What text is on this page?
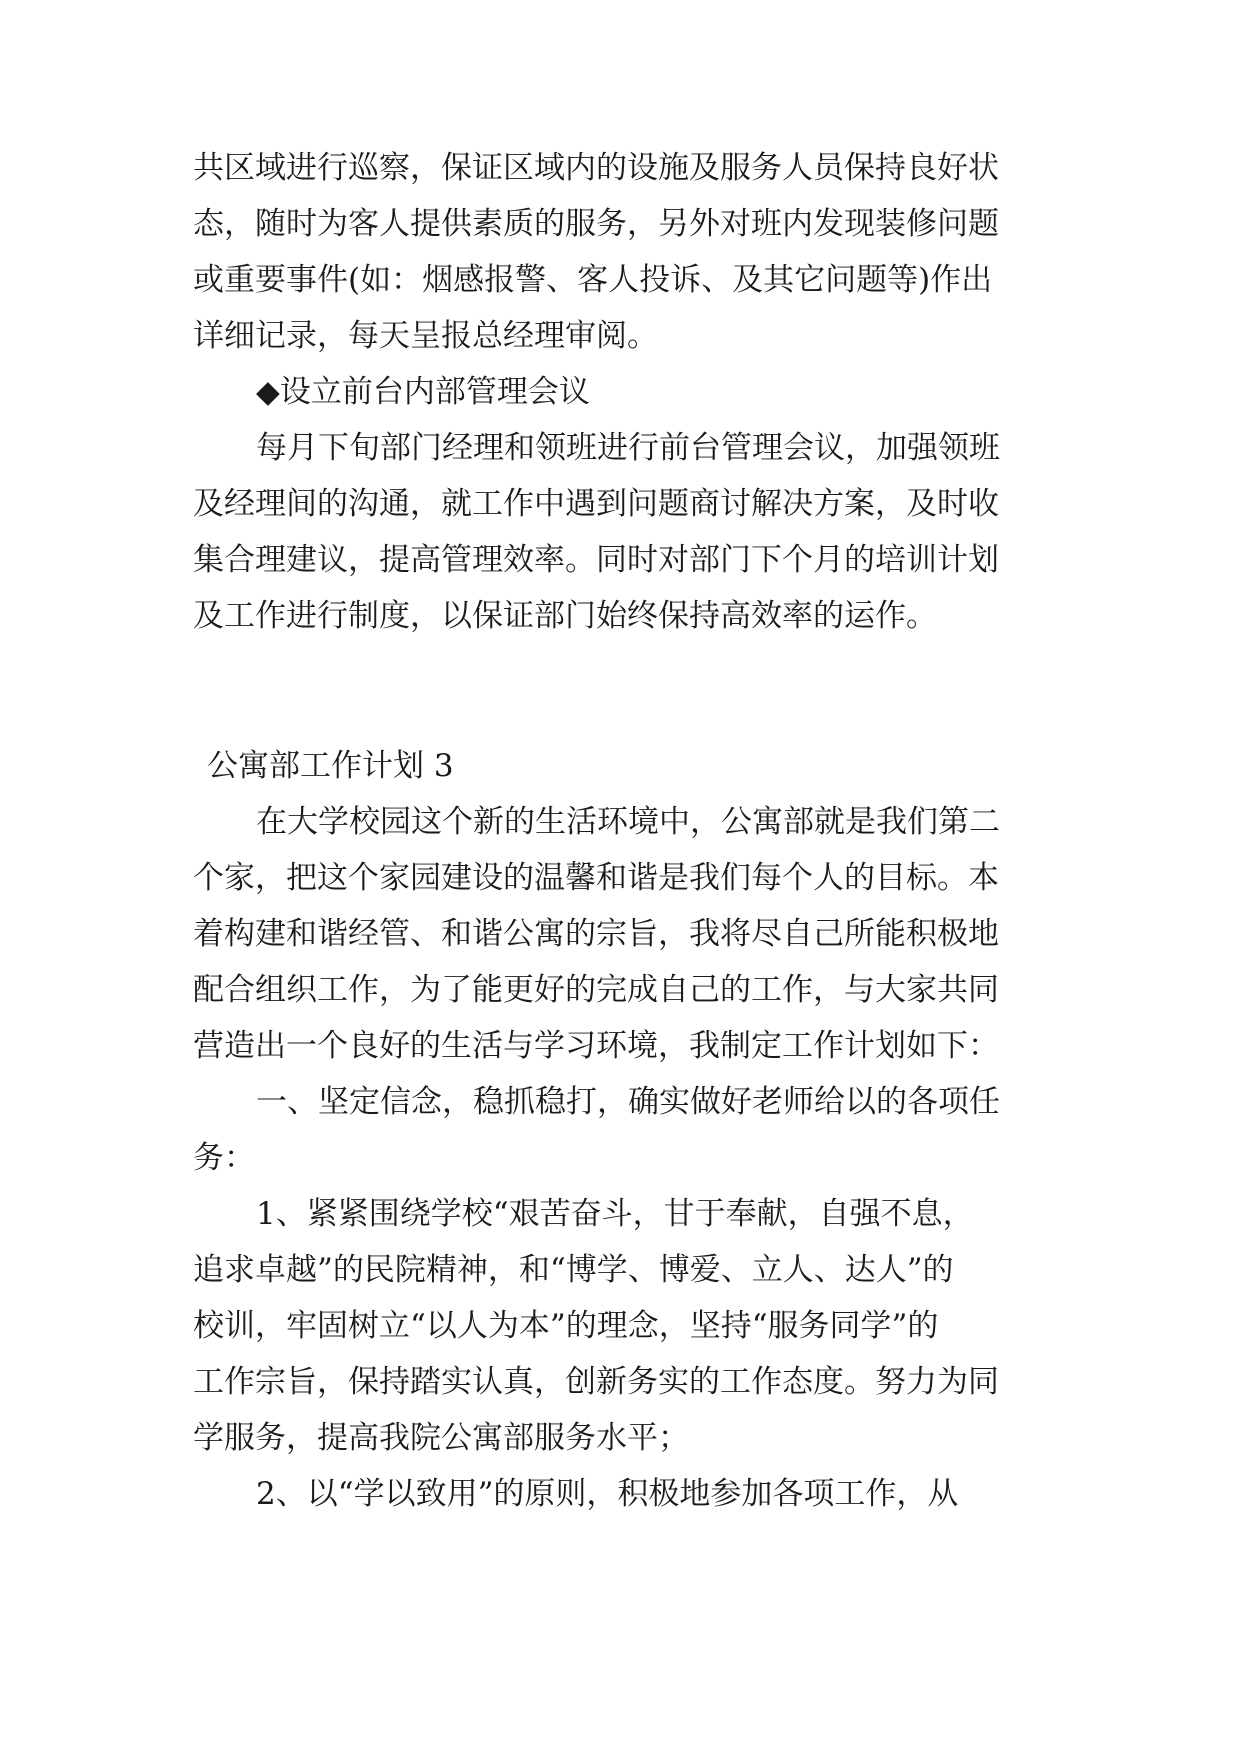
共区域进行巡察，保证区域内的设施及服务人员保持良好状

态，随时为客人提供素质的服务，另外对班内发现装修问题

或重要事件(如：烟感报警、客人投诉、及其它问题等)作出

详细记录，每天呈报总经理审阅。

◆设立前台内部管理会议

每月下旬部门经理和领班进行前台管理会议，加强领班

及经理间的沟通，就工作中遇到问题商讨解决方案，及时收

集合理建议，提高管理效率。同时对部门下个月的培训计划

及工作进行制度，以保证部门始终保持高效率的运作。

公寓部工作计划 3

在大学校园这个新的生活环境中，公寓部就是我们第二

个家，把这个家园建设的温馨和谐是我们每个人的目标。本

着构建和谐经管、和谐公寓的宗旨，我将尽自己所能积极地

配合组织工作，为了能更好的完成自己的工作，与大家共同

营造出一个良好的生活与学习环境，我制定工作计划如下：

一、坚定信念，稳抓稳打，确实做好老师给以的各项任

务：

1、紧紧围绕学校“艰苦奋斗，甘于奉献，自强不息，

追求卓越”的民院精神，和“博学、博爱、立人、达人”的

校训，牢固树立“以人为本”的理念，坚持“服务同学”的

工作宗旨，保持踏实认真，创新务实的工作态度。努力为同

学服务，提高我院公寓部服务水平；

2、以“学以致用”的原则，积极地参加各项工作，从
